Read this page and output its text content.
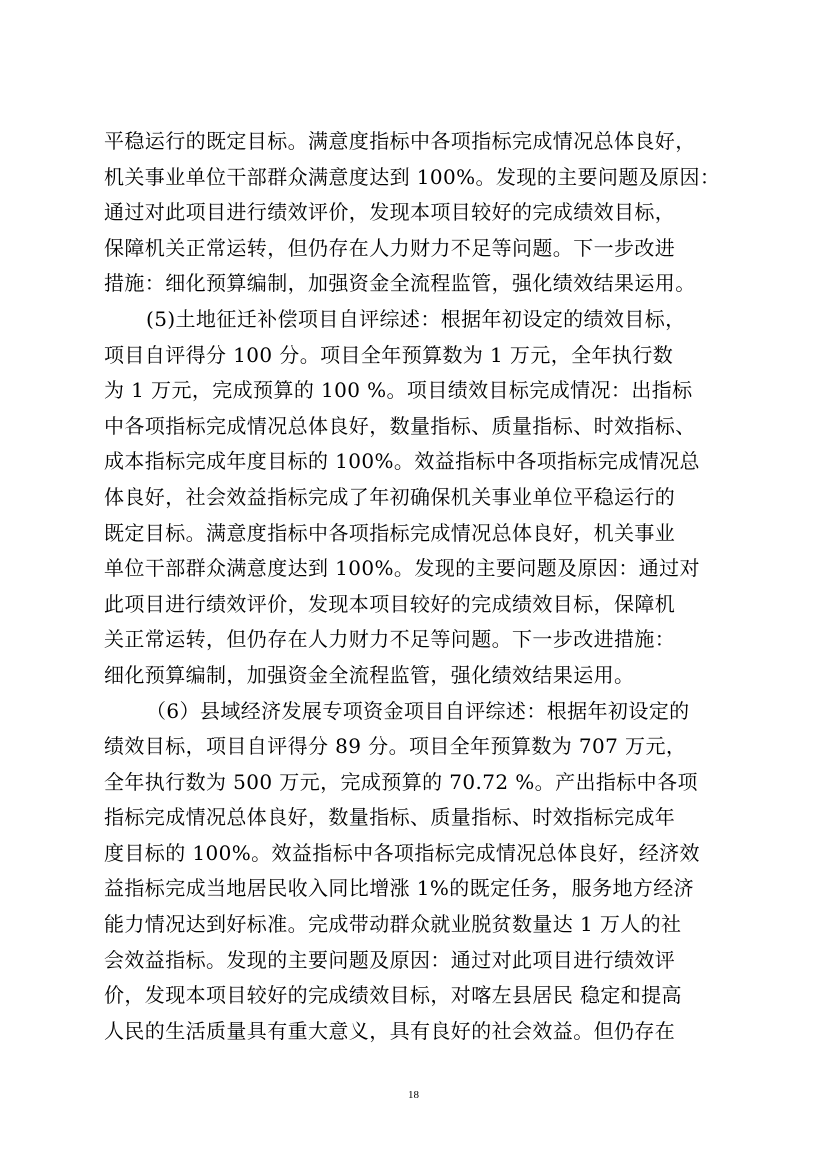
平稳运行的既定目标。满意度指标中各项指标完成情况总体良好，
机关事业单位干部群众满意度达到 100%。发现的主要问题及原因：
通过对此项目进行绩效评价，发现本项目较好的完成绩效目标，
保障机关正常运转，但仍存在人力财力不足等问题。下一步改进
措施：细化预算编制，加强资金全流程监管，强化绩效结果运用。
(5)土地征迁补偿项目自评综述：根据年初设定的绩效目标，
项目自评得分 100 分。项目全年预算数为 1 万元，全年执行数
为 1 万元，完成预算的 100 %。项目绩效目标完成情况：出指标
中各项指标完成情况总体良好，数量指标、质量指标、时效指标、
成本指标完成年度目标的 100%。效益指标中各项指标完成情况总
体良好，社会效益指标完成了年初确保机关事业单位平稳运行的
既定目标。满意度指标中各项指标完成情况总体良好，机关事业
单位干部群众满意度达到 100%。发现的主要问题及原因：通过对
此项目进行绩效评价，发现本项目较好的完成绩效目标，保障机
关正常运转，但仍存在人力财力不足等问题。下一步改进措施：
细化预算编制，加强资金全流程监管，强化绩效结果运用。
（6）县域经济发展专项资金项目自评综述：根据年初设定的
绩效目标，项目自评得分 89 分。项目全年预算数为 707 万元，
全年执行数为 500 万元，完成预算的 70.72 %。产出指标中各项
指标完成情况总体良好，数量指标、质量指标、时效指标完成年
度目标的 100%。效益指标中各项指标完成情况总体良好，经济效
益指标完成当地居民收入同比增涨 1%的既定任务，服务地方经济
能力情况达到好标准。完成带动群众就业脱贫数量达 1 万人的社
会效益指标。发现的主要问题及原因：通过对此项目进行绩效评
价，发现本项目较好的完成绩效目标，对喀左县居民 稳定和提高
人民的生活质量具有重大意义，具有良好的社会效益。但仍存在
18
